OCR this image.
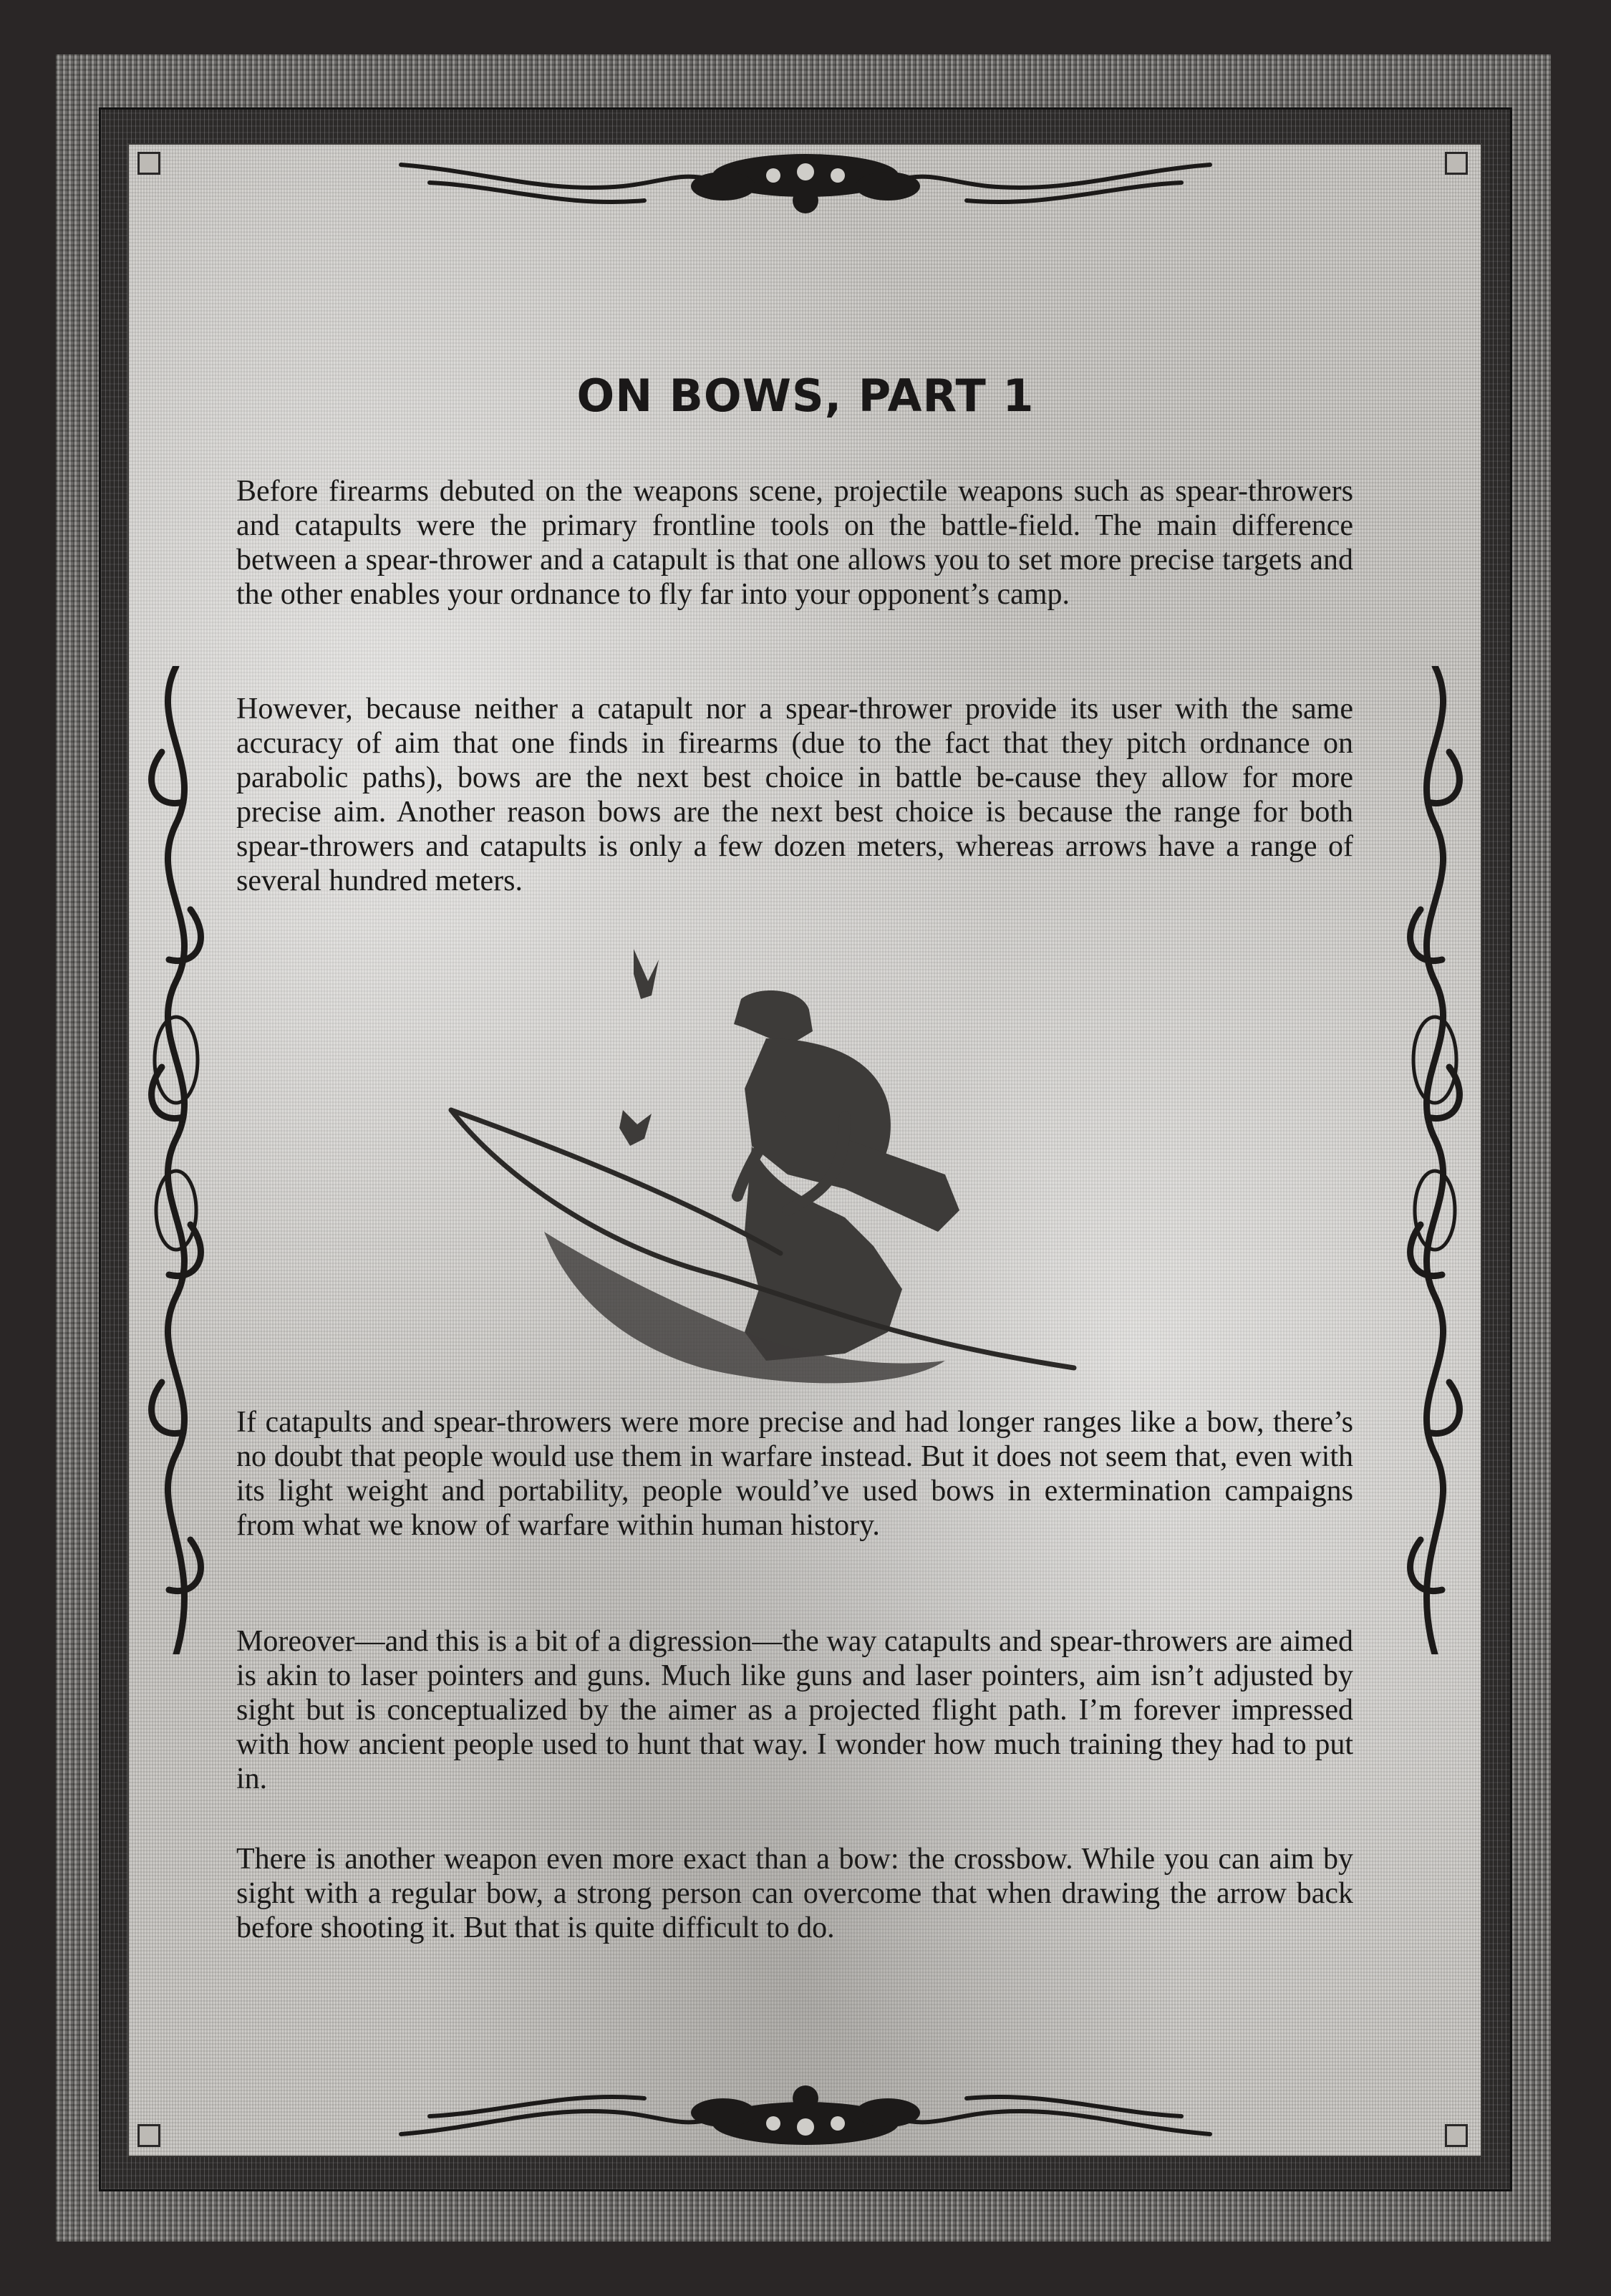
ON BOWS, PART 1

Before firearms debuted on the weapons scene, projectile weapons such as spear-throwers and catapults were the primary frontline tools on the battle-field. The main difference between a spear-thrower and a catapult is that one allows you to set more precise targets and the other enables your ordnance to fly far into your opponent’s camp.

However, because neither a catapult nor a spear-thrower provide its user with the same accuracy of aim that one finds in firearms (due to the fact that they pitch ordnance on parabolic paths), bows are the next best choice in battle be-cause they allow for more precise aim. Another reason bows are the next best choice is because the range for both spear-throwers and catapults is only a few dozen meters, whereas arrows have a range of several hundred meters.

If catapults and spear-throwers were more precise and had longer ranges like a bow, there’s no doubt that people would use them in warfare instead. But it does not seem that, even with its light weight and portability, people would’ve used bows in extermination campaigns from what we know of warfare within human history.

Moreover—and this is a bit of a digression—the way catapults and spear-throwers are aimed is akin to laser pointers and guns. Much like guns and laser pointers, aim isn’t adjusted by sight but is conceptualized by the aimer as a projected flight path. I’m forever impressed with how ancient people used to hunt that way. I wonder how much training they had to put in.

There is another weapon even more exact than a bow: the crossbow. While you can aim by sight with a regular bow, a strong person can overcome that when drawing the arrow back before shooting it. But that is quite difficult to do.
